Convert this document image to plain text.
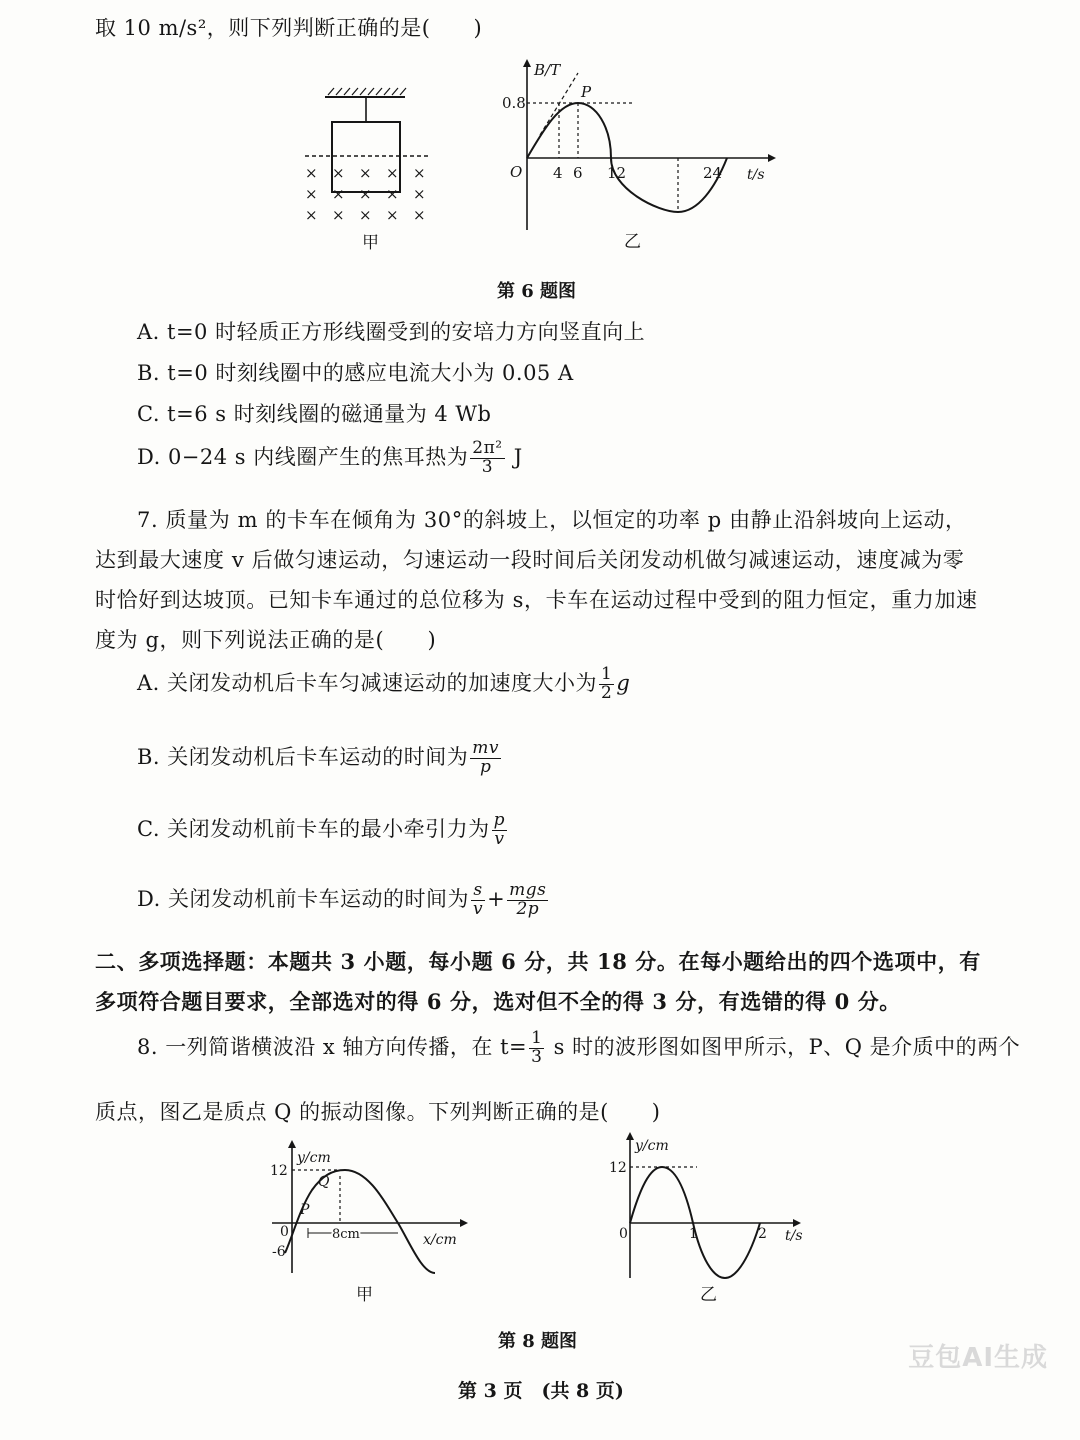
取 10 m/s²，则下列判断正确的是(　　)
× × × × ×
× × × × ×
× × × × ×
甲
B/T
t/s
0.8
O
P
4 6 12	24
乙
第 6 题图
A. t=0 时轻质正方形线圈受到的安培力方向竖直向上
B. t=0 时刻线圈中的感应电流大小为 0.05 A
C. t=6 s 时刻线圈的磁通量为 4 Wb
D. 0−24 s 内线圈产生的焦耳热为 $\frac{\text{2π²}}{3}$ J
7. 质量为 m 的卡车在倾角为 30°的斜坡上，以恒定的功率 p 由静止沿斜坡向上运动，达到最大速度 v 后做匀速运动，匀速运动一段时间后关闭发动机做匀减速运动，速度减为零时恰好到达坡顶。已知卡车通过的总位移为 s，卡车在运动过程中受到的阻力恒定，重力加速度为 g，则下列说法正确的是(　　)
A. 关闭发动机后卡车匀减速运动的加速度大小为 $\frac{1}{2}$ g
B. 关闭发动机后卡车运动的时间为 $\frac{mv}{p}$
C. 关闭发动机前卡车的最小牵引力为 $\frac{p}{v}$
D. 关闭发动机前卡车运动的时间为 $\frac{s}{v} + \frac{\text{mgs}}{2p}$
二、多项选择题：本题共 3 小题，每小题 6 分，共 18 分。在每小题给出的四个选项中，有多项符合题目要求，全部选对的得 6 分，选对但不全的得 3 分，有选错的得 0 分。
8. 一列简谐横波沿 x 轴方向传播，在 $t= \frac{1}{3}$ s 时的波形图如图甲所示，P、Q 是介质中的两个
质点，图乙是质点 Q 的振动图像。下列判断正确的是(　　)
y/cm
x/cm
12
-6
0
Q
P
8cm
甲
y/cm
t/s
12
0	1	2
乙
第 8 题图
第 3 页　(共 8 页)
豆包AI生成
